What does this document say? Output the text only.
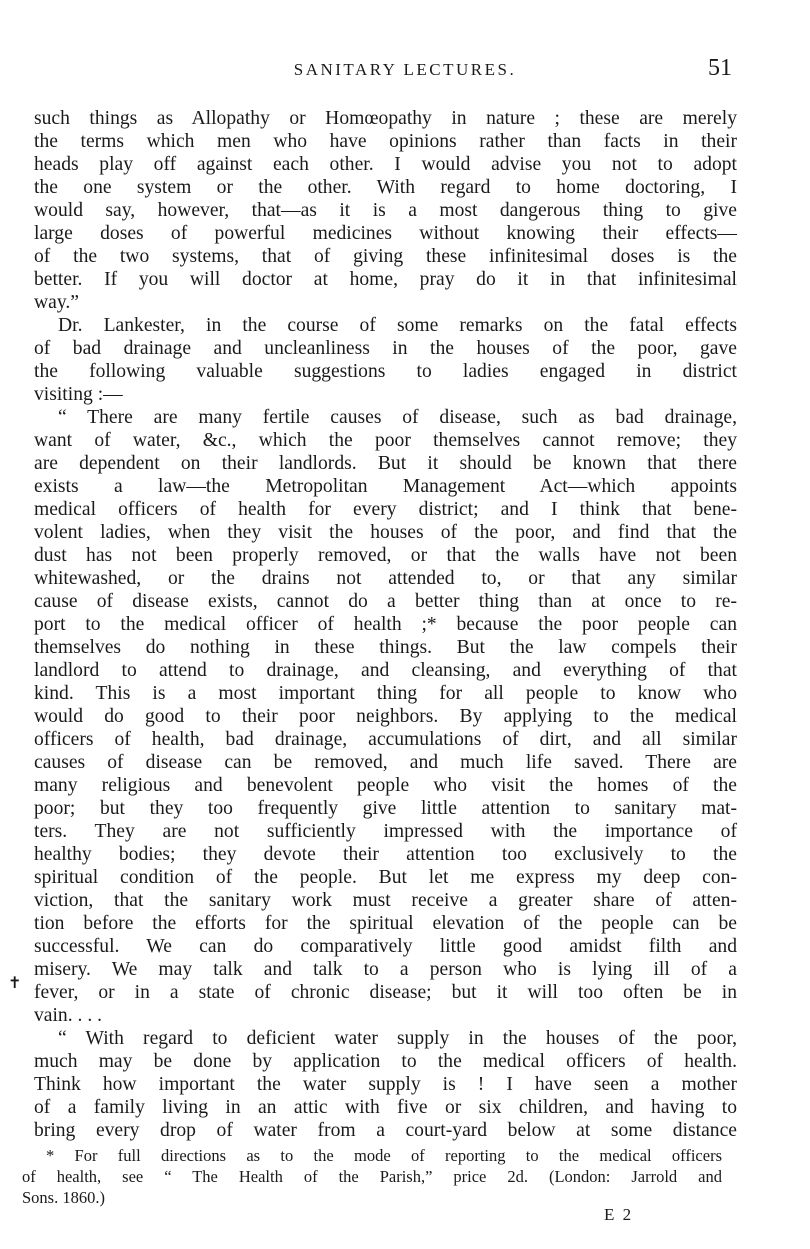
SANITARY LECTURES.	51
such things as Allopathy or Homœopathy in nature ; these are merely
the terms which men who have opinions rather than facts in their
heads play off against each other. I would advise you not to adopt
the one system or the other. With regard to home doctoring, I
would say, however, that—as it is a most dangerous thing to give
large doses of powerful medicines without knowing their effects—
of the two systems, that of giving these infinitesimal doses is the
better. If you will doctor at home, pray do it in that infinitesimal
way.”
Dr. Lankester, in the course of some remarks on the fatal effects
of bad drainage and uncleanliness in the houses of the poor, gave
the following valuable suggestions to ladies engaged in district
visiting :—
“ There are many fertile causes of disease, such as bad drainage,
want of water, &c., which the poor themselves cannot remove; they
are dependent on their landlords. But it should be known that there
exists a law—the Metropolitan Management Act—which appoints
medical officers of health for every district; and I think that bene-
volent ladies, when they visit the houses of the poor, and find that the
dust has not been properly removed, or that the walls have not been
whitewashed, or the drains not attended to, or that any similar
cause of disease exists, cannot do a better thing than at once to re-
port to the medical officer of health ;* because the poor people can
themselves do nothing in these things. But the law compels their
landlord to attend to drainage, and cleansing, and everything of that
kind. This is a most important thing for all people to know who
would do good to their poor neighbors. By applying to the medical
officers of health, bad drainage, accumulations of dirt, and all similar
causes of disease can be removed, and much life saved. There are
many religious and benevolent people who visit the homes of the
poor; but they too frequently give little attention to sanitary mat-
ters. They are not sufficiently impressed with the importance of
healthy bodies; they devote their attention too exclusively to the
spiritual condition of the people. But let me express my deep con-
viction, that the sanitary work must receive a greater share of atten-
tion before the efforts for the spiritual elevation of the people can be
successful. We can do comparatively little good amidst filth and
misery. We may talk and talk to a person who is lying ill of a
fever, or in a state of chronic disease; but it will too often be in
vain. . . .
“ With regard to deficient water supply in the houses of the poor,
much may be done by application to the medical officers of health.
Think how important the water supply is ! I have seen a mother
of a family living in an attic with five or six children, and having to
bring every drop of water from a court-yard below at some distance
✝
* For full directions as to the mode of reporting to the medical officers
of health, see “ The Health of the Parish,” price 2d. (London: Jarrold and
Sons. 1860.)
E 2
